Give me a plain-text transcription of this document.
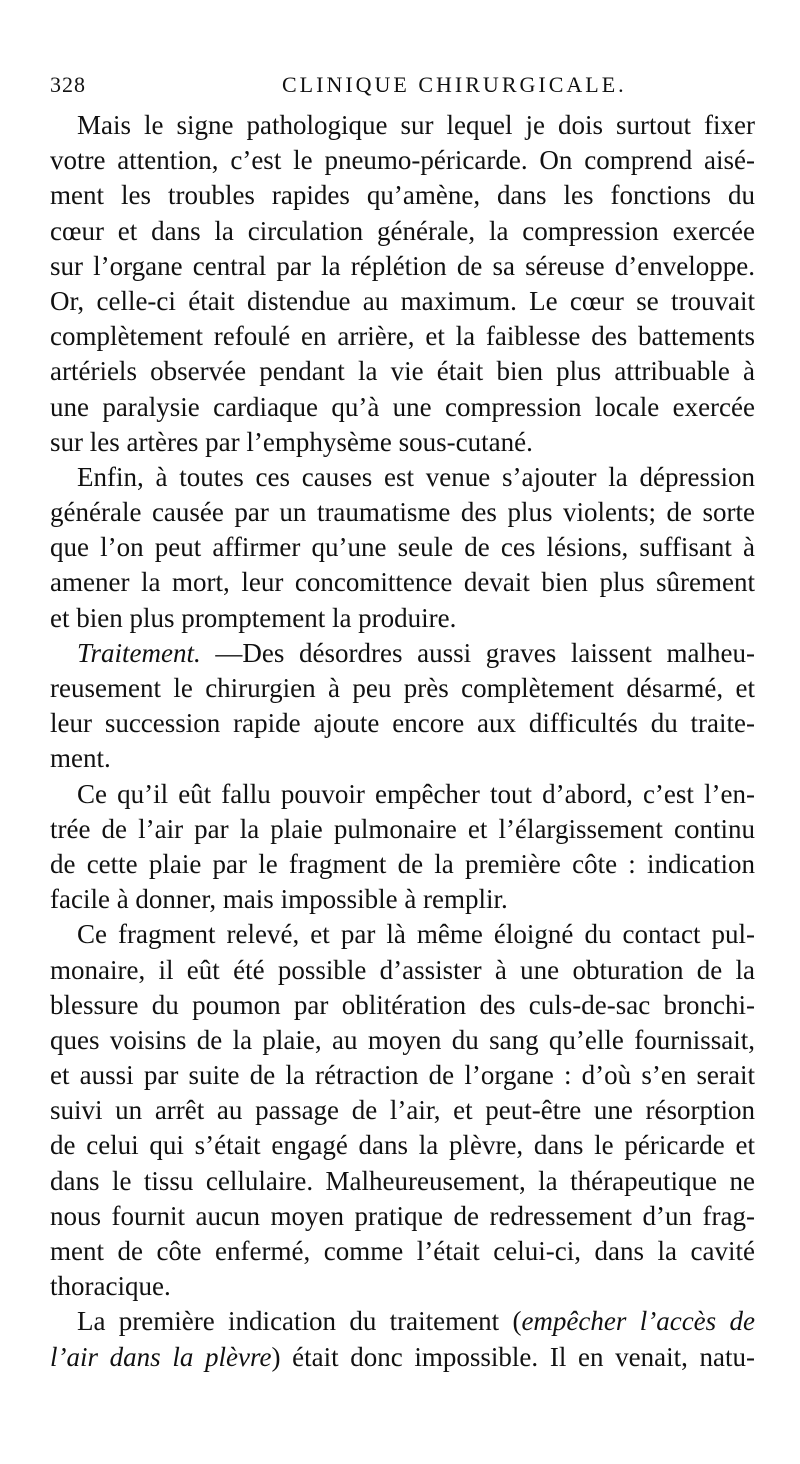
328	CLINIQUE CHIRURGICALE.
Mais le signe pathologique sur lequel je dois surtout fixer
votre attention, c’est le pneumo-péricarde. On comprend aisé-
ment les troubles rapides qu’amène, dans les fonctions du
cœur et dans la circulation générale, la compression exercée
sur l’organe central par la réplétion de sa séreuse d’enveloppe.
Or, celle-ci était distendue au maximum. Le cœur se trouvait
complètement refoulé en arrière, et la faiblesse des battements
artériels observée pendant la vie était bien plus attribuable à
une paralysie cardiaque qu’à une compression locale exercée
sur les artères par l’emphysème sous-cutané.
Enfin, à toutes ces causes est venue s’ajouter la dépression
générale causée par un traumatisme des plus violents; de sorte
que l’on peut affirmer qu’une seule de ces lésions, suffisant à
amener la mort, leur concomittence devait bien plus sûrement
et bien plus promptement la produire.
Traitement. —Des désordres aussi graves laissent malheu-
reusement le chirurgien à peu près complètement désarmé, et
leur succession rapide ajoute encore aux difficultés du traite-
ment.
Ce qu’il eût fallu pouvoir empêcher tout d’abord, c’est l’en-
trée de l’air par la plaie pulmonaire et l’élargissement continu
de cette plaie par le fragment de la première côte : indication
facile à donner, mais impossible à remplir.
Ce fragment relevé, et par là même éloigné du contact pul-
monaire, il eût été possible d’assister à une obturation de la
blessure du poumon par oblitération des culs-de-sac bronchi-
ques voisins de la plaie, au moyen du sang qu’elle fournissait,
et aussi par suite de la rétraction de l’organe : d’où s’en serait
suivi un arrêt au passage de l’air, et peut-être une résorption
de celui qui s’était engagé dans la plèvre, dans le péricarde et
dans le tissu cellulaire. Malheureusement, la thérapeutique ne
nous fournit aucun moyen pratique de redressement d’un frag-
ment de côte enfermé, comme l’était celui-ci, dans la cavité
thoracique.
La première indication du traitement (empêcher l’accès de
l’air dans la plèvre) était donc impossible. Il en venait, natu-
